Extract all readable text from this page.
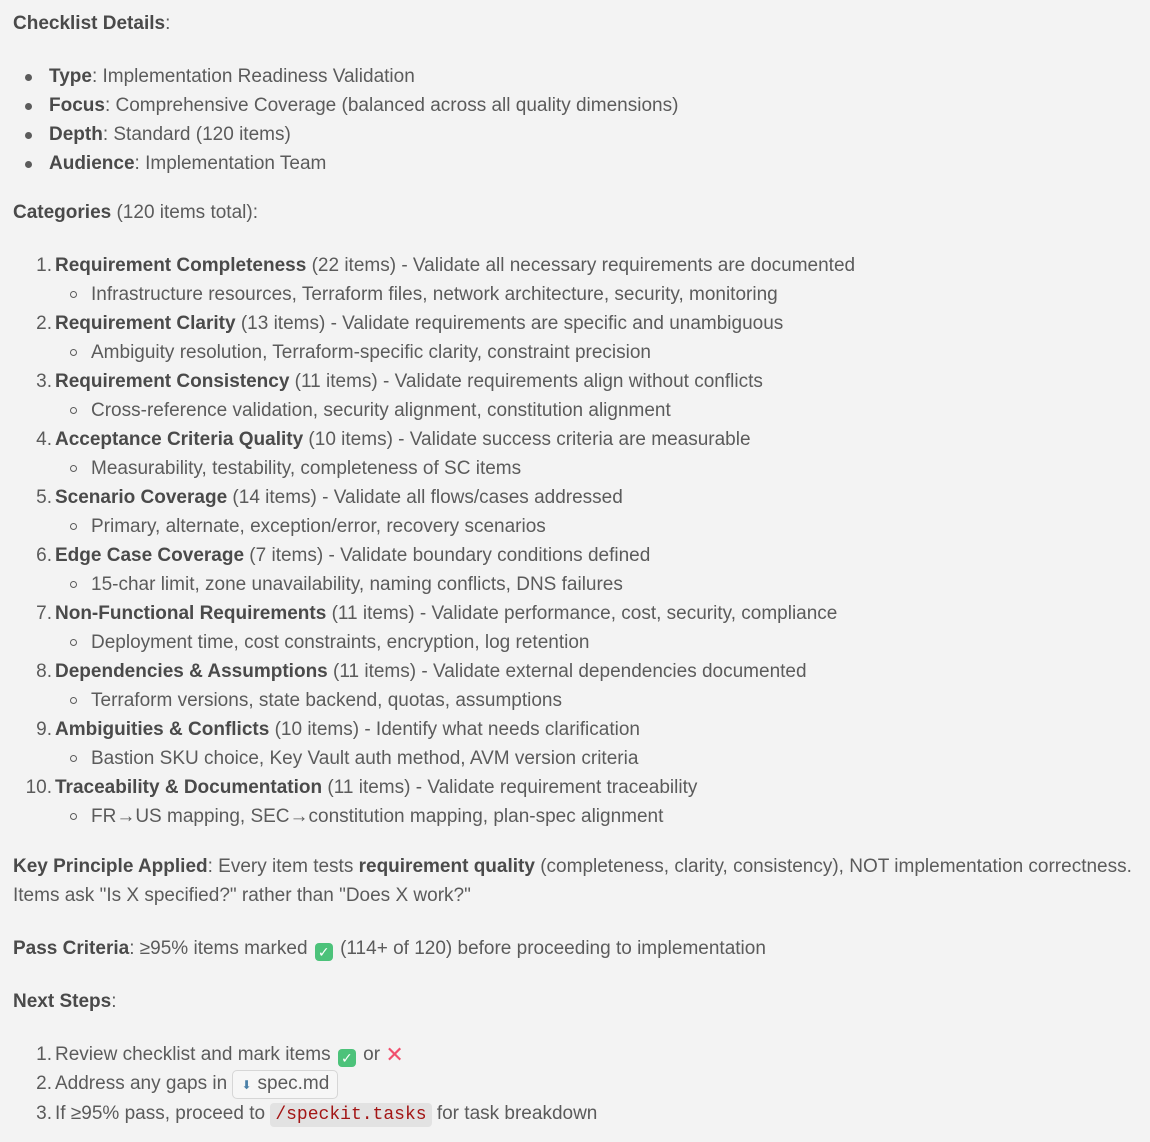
Checklist Details:

Type: Implementation Readiness Validation
Focus: Comprehensive Coverage (balanced across all quality dimensions)
Depth: Standard (120 items)
Audience: Implementation Team

Categories (120 items total):

1. Requirement Completeness (22 items) - Validate all necessary requirements are documented
Infrastructure resources, Terraform files, network architecture, security, monitoring
2. Requirement Clarity (13 items) - Validate requirements are specific and unambiguous
Ambiguity resolution, Terraform-specific clarity, constraint precision
3. Requirement Consistency (11 items) - Validate requirements align without conflicts
Cross-reference validation, security alignment, constitution alignment
4. Acceptance Criteria Quality (10 items) - Validate success criteria are measurable
Measurability, testability, completeness of SC items
5. Scenario Coverage (14 items) - Validate all flows/cases addressed
Primary, alternate, exception/error, recovery scenarios
6. Edge Case Coverage (7 items) - Validate boundary conditions defined
15-char limit, zone unavailability, naming conflicts, DNS failures
7. Non-Functional Requirements (11 items) - Validate performance, cost, security, compliance
Deployment time, cost constraints, encryption, log retention
8. Dependencies & Assumptions (11 items) - Validate external dependencies documented
Terraform versions, state backend, quotas, assumptions
9. Ambiguities & Conflicts (10 items) - Identify what needs clarification
Bastion SKU choice, Key Vault auth method, AVM version criteria
10. Traceability & Documentation (11 items) - Validate requirement traceability
FR→US mapping, SEC→constitution mapping, plan-spec alignment

Key Principle Applied: Every item tests requirement quality (completeness, clarity, consistency), NOT implementation correctness. Items ask "Is X specified?" rather than "Does X work?"

Pass Criteria: ≥95% items marked ✓ (114+ of 120) before proceeding to implementation

Next Steps:

1. Review checklist and mark items ✓ or ✕
2. Address any gaps in ⬇ spec.md
3. If ≥95% pass, proceed to /speckit.tasks for task breakdown
